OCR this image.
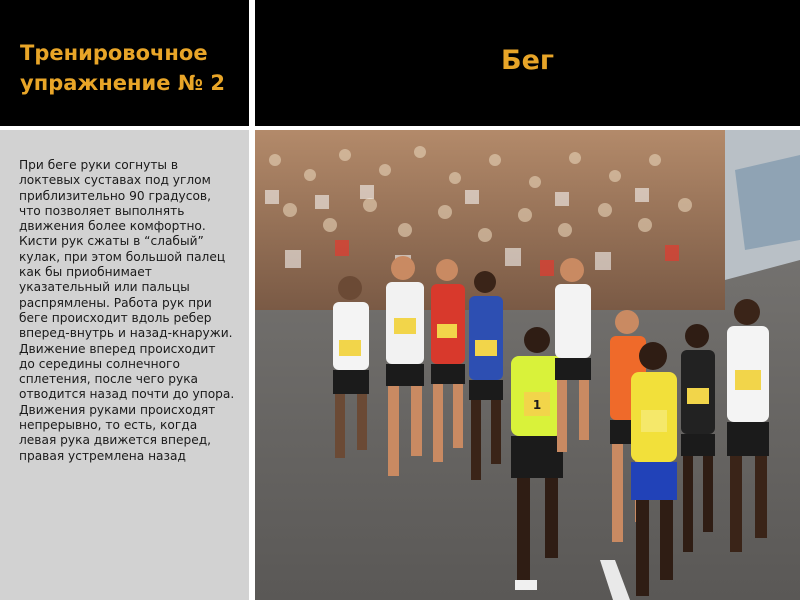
Тренировочное
упражнение № 2

Бег

При беге руки согнуты в локтевых суставах под углом приблизительно 90 градусов, что позволяет выполнять движения более комфортно. Кисти рук сжаты в “слабый” кулак, при этом большой палец как бы приобнимает указательный или пальцы распрямлены. Работа рук при беге происходит вдоль ребер вперед-внутрь и назад-кнаружи. Движение вперед происходит до середины солнечного сплетения, после чего рука отводится назад почти до упора. Движения руками происходят непрерывно, то есть, когда левая рука движется вперед, правая устремлена назад

1
